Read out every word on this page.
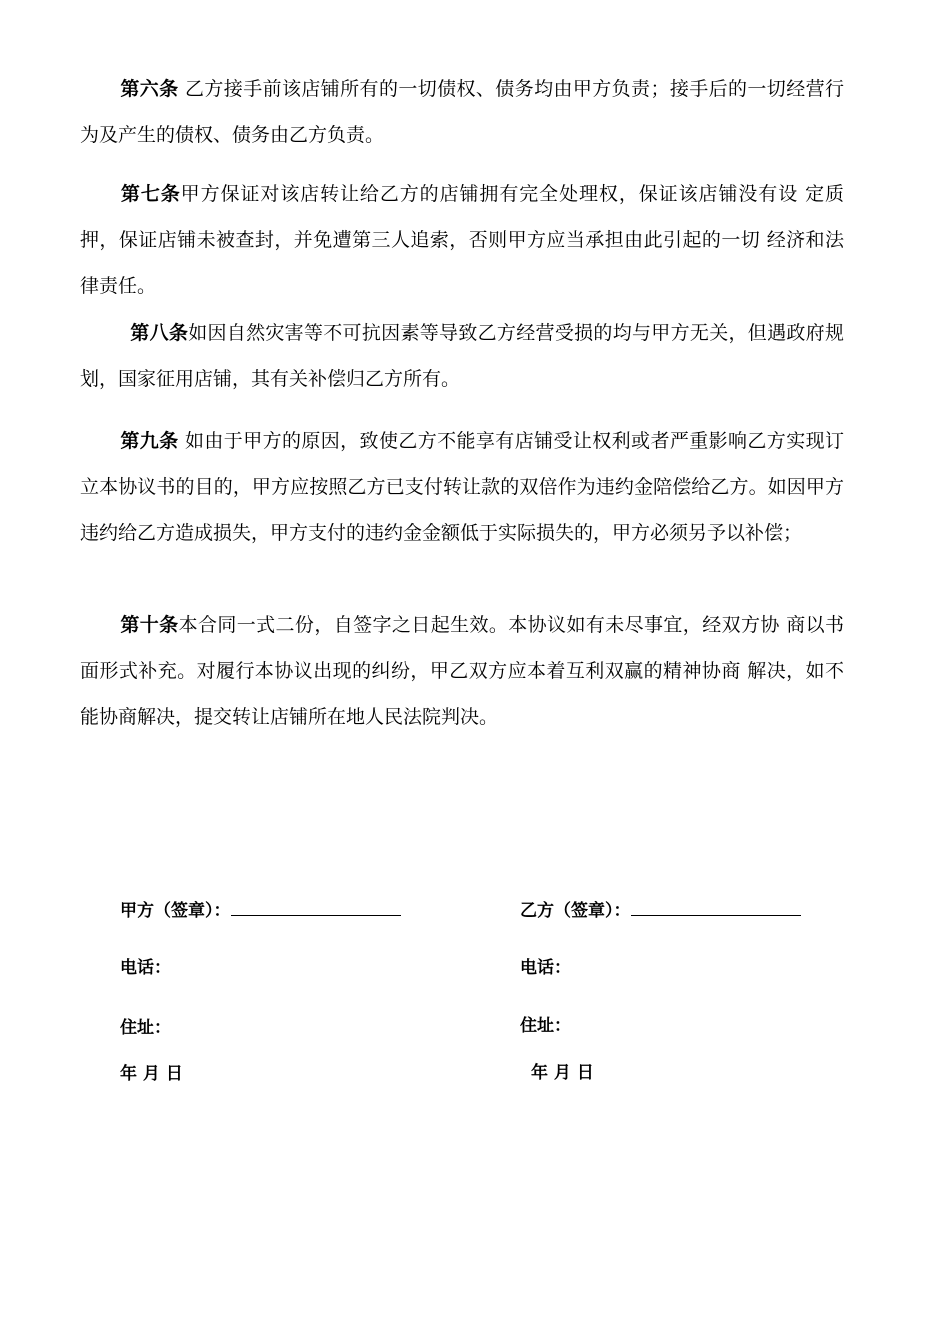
第六条 乙方接手前该店铺所有的一切债权、债务均由甲方负责；接手后的一切经营行为及产生的债权、债务由乙方负责。
第七条甲方保证对该店转让给乙方的店铺拥有完全处理权，保证该店铺没有设 定质押，保证店铺未被查封，并免遭第三人追索，否则甲方应当承担由此引起的一切 经济和法律责任。
第八条如因自然灾害等不可抗因素等导致乙方经营受损的均与甲方无关，但遇政府规划，国家征用店铺，其有关补偿归乙方所有。
第九条 如由于甲方的原因，致使乙方不能享有店铺受让权利或者严重影响乙方实现订立本协议书的目的，甲方应按照乙方已支付转让款的双倍作为违约金陪偿给乙方。如因甲方违约给乙方造成损失，甲方支付的违约金金额低于实际损失的，甲方必须另予以补偿；
第十条本合同一式二份，自签字之日起生效。本协议如有未尽事宜，经双方协 商以书面形式补充。对履行本协议出现的纠纷，甲乙双方应本着互利双赢的精神协商 解决，如不能协商解决，提交转让店铺所在地人民法院判决。
甲方（签章）：
电话：
住址：
年 月 日
乙方（签章）：
电话：
住址：
年 月 日
